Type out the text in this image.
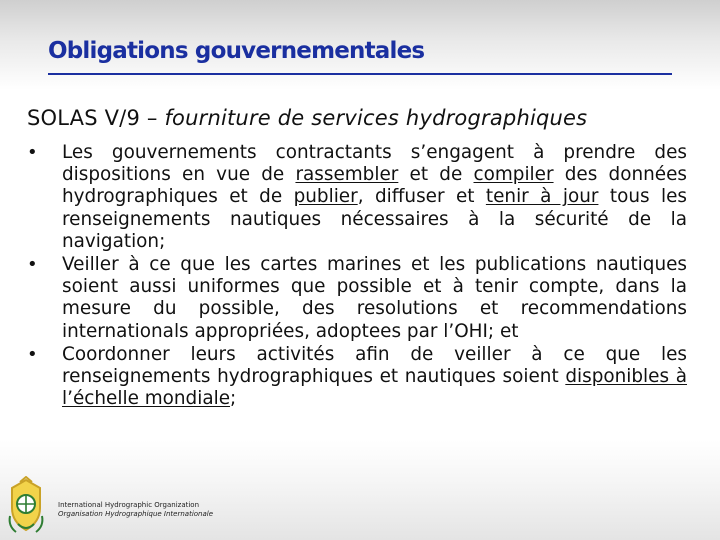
Obligations gouvernementales

SOLAS V/9 – fourniture de services hydrographiques

• Les gouvernements contractants s’engagent à prendre des dispositions en vue de rassembler et de compiler des données hydrographiques et de publier, diffuser et tenir à jour tous les renseignements nautiques nécessaires à la sécurité de la navigation;
• Veiller à ce que les cartes marines et les publications nautiques soient aussi uniformes que possible et à tenir compte, dans la mesure du possible, des resolutions et recommendations internationals appropriées, adoptees par l’OHI; et
• Coordonner leurs activités afin de veiller à ce que les renseignements hydrographiques et nautiques soient disponibles à l’échelle mondiale;
International Hydrographic Organization
Organisation Hydrographique Internationale
